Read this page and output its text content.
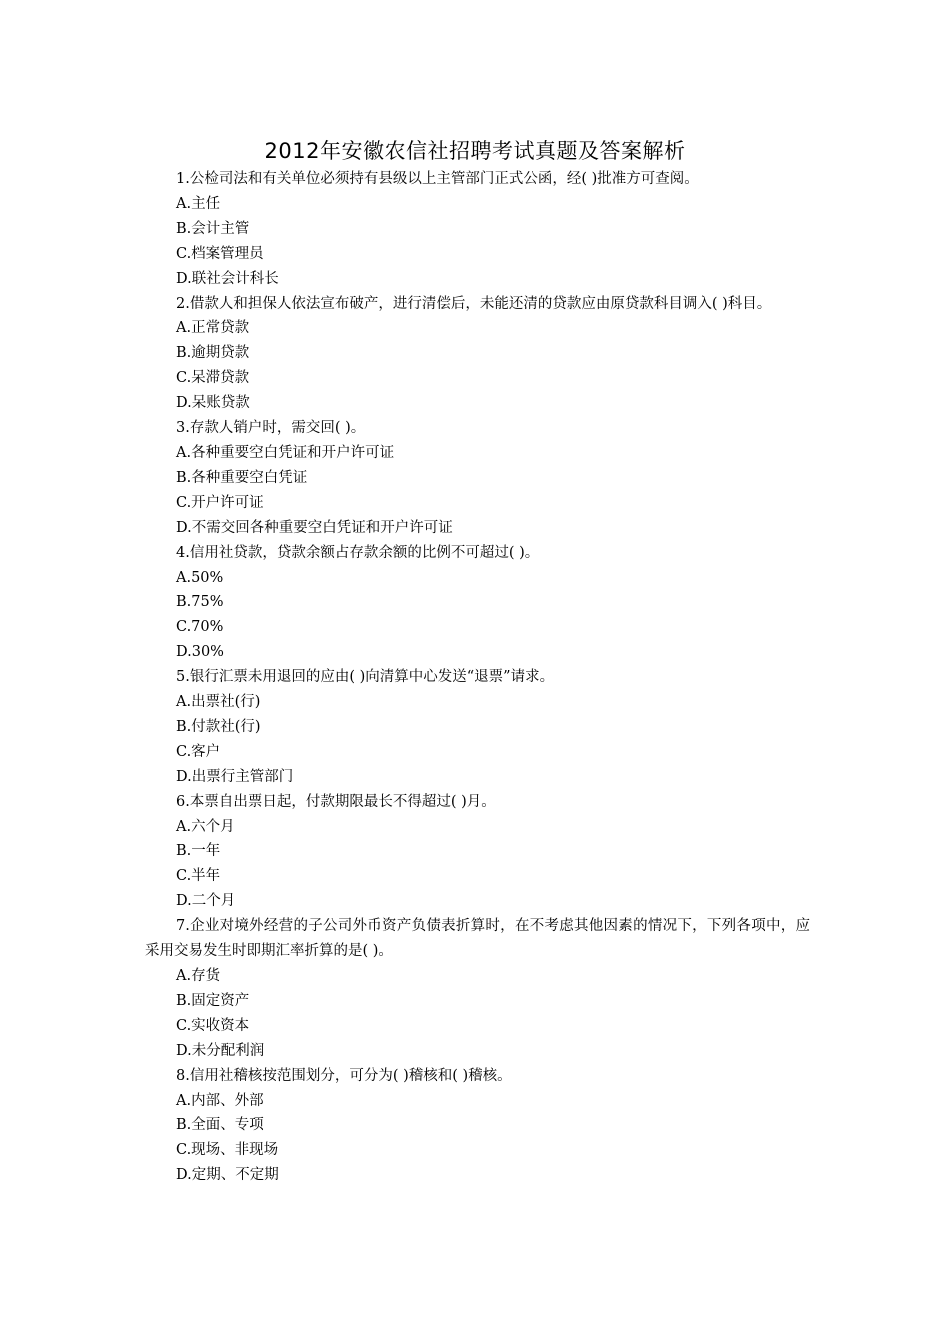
2012年安徽农信社招聘考试真题及答案解析

1.公检司法和有关单位必须持有县级以上主管部门正式公函，经( )批准方可查阅。

A.主任

B.会计主管

C.档案管理员

D.联社会计科长

2.借款人和担保人依法宣布破产，进行清偿后，未能还清的贷款应由原贷款科目调入( )科目。

A.正常贷款

B.逾期贷款

C.呆滞贷款

D.呆账贷款

3.存款人销户时，需交回( )。

A.各种重要空白凭证和开户许可证

B.各种重要空白凭证

C.开户许可证

D.不需交回各种重要空白凭证和开户许可证

4.信用社贷款，贷款余额占存款余额的比例不可超过( )。

A.50%

B.75%

C.70%

D.30%

5.银行汇票未用退回的应由( )向清算中心发送“退票”请求。

A.出票社(行)

B.付款社(行)

C.客户

D.出票行主管部门

6.本票自出票日起，付款期限最长不得超过( )月。

A.六个月

B.一年

C.半年

D.二个月

7.企业对境外经营的子公司外币资产负债表折算时，在不考虑其他因素的情况下，下列各项中，应采用交易发生时即期汇率折算的是( )。

A.存货

B.固定资产

C.实收资本

D.未分配利润

8.信用社稽核按范围划分，可分为( )稽核和( )稽核。

A.内部、外部

B.全面、专项

C.现场、非现场

D.定期、不定期
